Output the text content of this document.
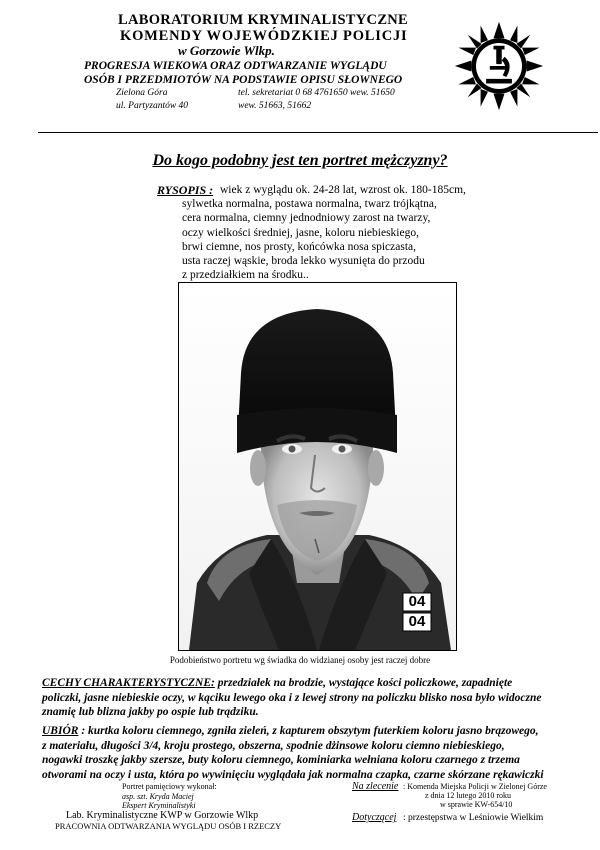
LABORATORIUM KRYMINALISTYCZNE
KOMENDY WOJEWÓDZKIEJ POLICJI
w Gorzowie Wlkp.
PROGRESJA WIEKOWA ORAZ ODTWARZANIE WYGLĄDU
OSÓB I PRZEDMIOTÓW NA PODSTAWIE OPISU SŁOWNEGO
Zielona Góra
ul. Partyzantów 40
tel. sekretariat 0 68 4761650 wew. 51650
wew. 51663, 51662
Do kogo podobny jest ten portret mężczyzny?
RYSOPIS : wiek z wyglądu ok. 24-28 lat, wzrost ok. 180-185cm,
sylwetka normalna, postawa normalna, twarz trójkątna,
cera normalna, ciemny jednodniowy zarost na twarzy,
oczy wielkości średniej, jasne, koloru niebieskiego,
brwi ciemne, nos prosty, końcówka nosa spiczasta,
usta raczej wąskie, broda lekko wysunięta do przodu
z przedziałkiem na środku..
04
04
Podobieństwo portretu wg świadka do widzianej osoby jest raczej dobre
CECHY CHARAKTERYSTYCZNE: przedziałek na brodzie, wystające kości policzkowe, zapadnięte
policzki, jasne niebieskie oczy, w kąciku lewego oka i z lewej strony na policzku blisko nosa było widoczne
znamię lub blizna jakby po ospie lub trądziku.
UBIÓR : kurtka koloru ciemnego, zgniła zieleń, z kapturem obszytym futerkiem koloru jasno brązowego,
z materiału, długości 3/4, kroju prostego, obszerna, spodnie dżinsowe koloru ciemno niebieskiego,
nogawki troszkę jakby szersze, buty koloru ciemnego, kominiarka wełniana koloru czarnego z trzema
otworami na oczy i usta, która po wywinięciu wyglądała jak normalna czapka, czarne skórzane rękawiczki
Portret pamięciowy wykonał:
asp. szt. Kryda Maciej
Ekspert Kryminalistyki
Lab. Kryminalistyczne KWP w Gorzowie Wlkp
PRACOWNIA ODTWARZANIA WYGLĄDU OSÓB I RZECZY
Na zlecenie : Komenda Miejska Policji w Zielonej Górze
z dnia 12 lutego 2010 roku
w sprawie KW-654/10
Dotyczącej : przestępstwa w Leśniowie Wielkim
